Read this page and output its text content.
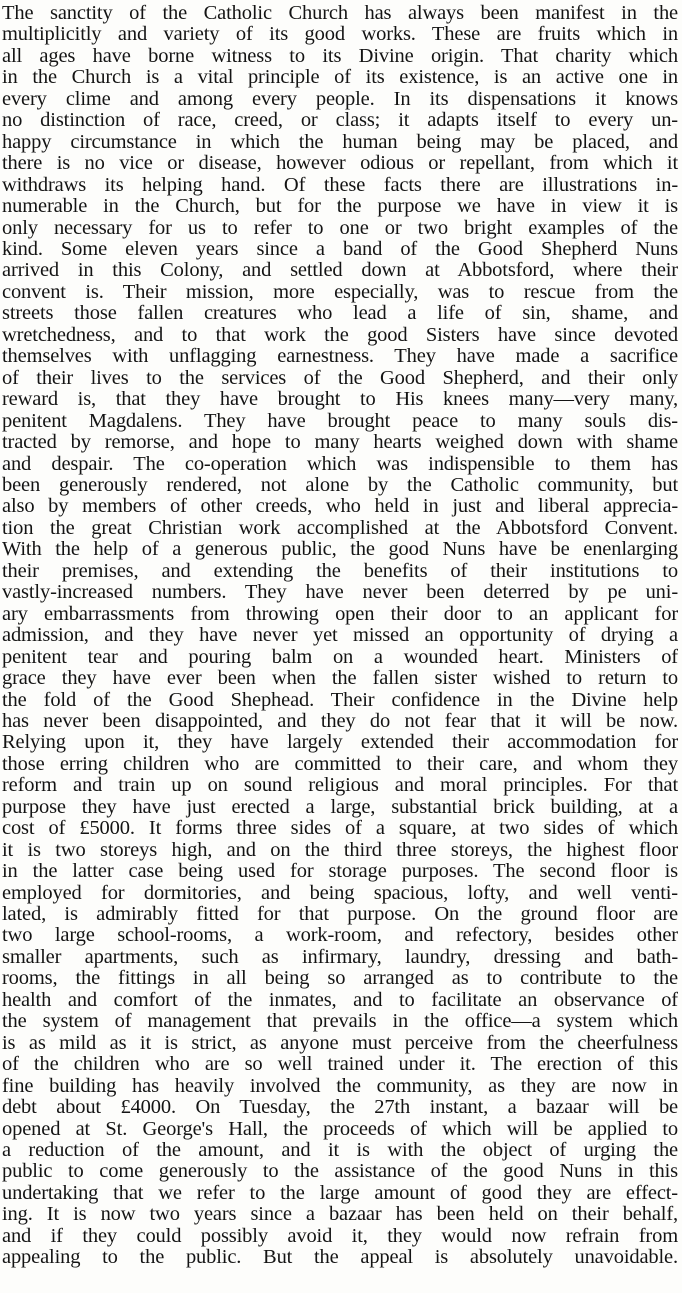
The sanctity of the Catholic Church has always been manifest in the
multiplicitly and variety of its good works. These are fruits which in
all ages have borne witness to its Divine origin. That charity which
in the Church is a vital principle of its existence, is an active one in
every clime and among every people. In its dispensations it knows
no distinction of race, creed, or class; it adapts itself to every un-
happy circumstance in which the human being may be placed, and
there is no vice or disease, however odious or repellant, from which it
withdraws its helping hand. Of these facts there are illustrations in-
numerable in the Church, but for the purpose we have in view it is
only necessary for us to refer to one or two bright examples of the
kind. Some eleven years since a band of the Good Shepherd Nuns
arrived in this Colony, and settled down at Abbotsford, where their
convent is. Their mission, more especially, was to rescue from the
streets those fallen creatures who lead a life of sin, shame, and
wretchedness, and to that work the good Sisters have since devoted
themselves with unflagging earnestness. They have made a sacrifice
of their lives to the services of the Good Shepherd, and their only
reward is, that they have brought to His knees many—very many,
penitent Magdalens. They have brought peace to many souls dis-
tracted by remorse, and hope to many hearts weighed down with shame
and despair. The co-operation which was indispensible to them has
been generously rendered, not alone by the Catholic community, but
also by members of other creeds, who held in just and liberal apprecia-
tion the great Christian work accomplished at the Abbotsford Convent.
With the help of a generous public, the good Nuns have be enenlarging
their premises, and extending the benefits of their institutions to
vastly-increased numbers. They have never been deterred by pe uni-
ary embarrassments from throwing open their door to an applicant for
admission, and they have never yet missed an opportunity of drying a
penitent tear and pouring balm on a wounded heart. Ministers of
grace they have ever been when the fallen sister wished to return to
the fold of the Good Shephead. Their confidence in the Divine help
has never been disappointed, and they do not fear that it will be now.
Relying upon it, they have largely extended their accommodation for
those erring children who are committed to their care, and whom they
reform and train up on sound religious and moral principles. For that
purpose they have just erected a large, substantial brick building, at a
cost of £5000. It forms three sides of a square, at two sides of which
it is two storeys high, and on the third three storeys, the highest floor
in the latter case being used for storage purposes. The second floor is
employed for dormitories, and being spacious, lofty, and well venti-
lated, is admirably fitted for that purpose. On the ground floor are
two large school-rooms, a work-room, and refectory, besides other
smaller apartments, such as infirmary, laundry, dressing and bath-
rooms, the fittings in all being so arranged as to contribute to the
health and comfort of the inmates, and to facilitate an observance of
the system of management that prevails in the office—a system which
is as mild as it is strict, as anyone must perceive from the cheerfulness
of the children who are so well trained under it. The erection of this
fine building has heavily involved the community, as they are now in
debt about £4000. On Tuesday, the 27th instant, a bazaar will be
opened at St. George's Hall, the proceeds of which will be applied to
a reduction of the amount, and it is with the object of urging the
public to come generously to the assistance of the good Nuns in this
undertaking that we refer to the large amount of good they are effect-
ing. It is now two years since a bazaar has been held on their behalf,
and if they could possibly avoid it, they would now refrain from
appealing to the public. But the appeal is absolutely unavoidable.
